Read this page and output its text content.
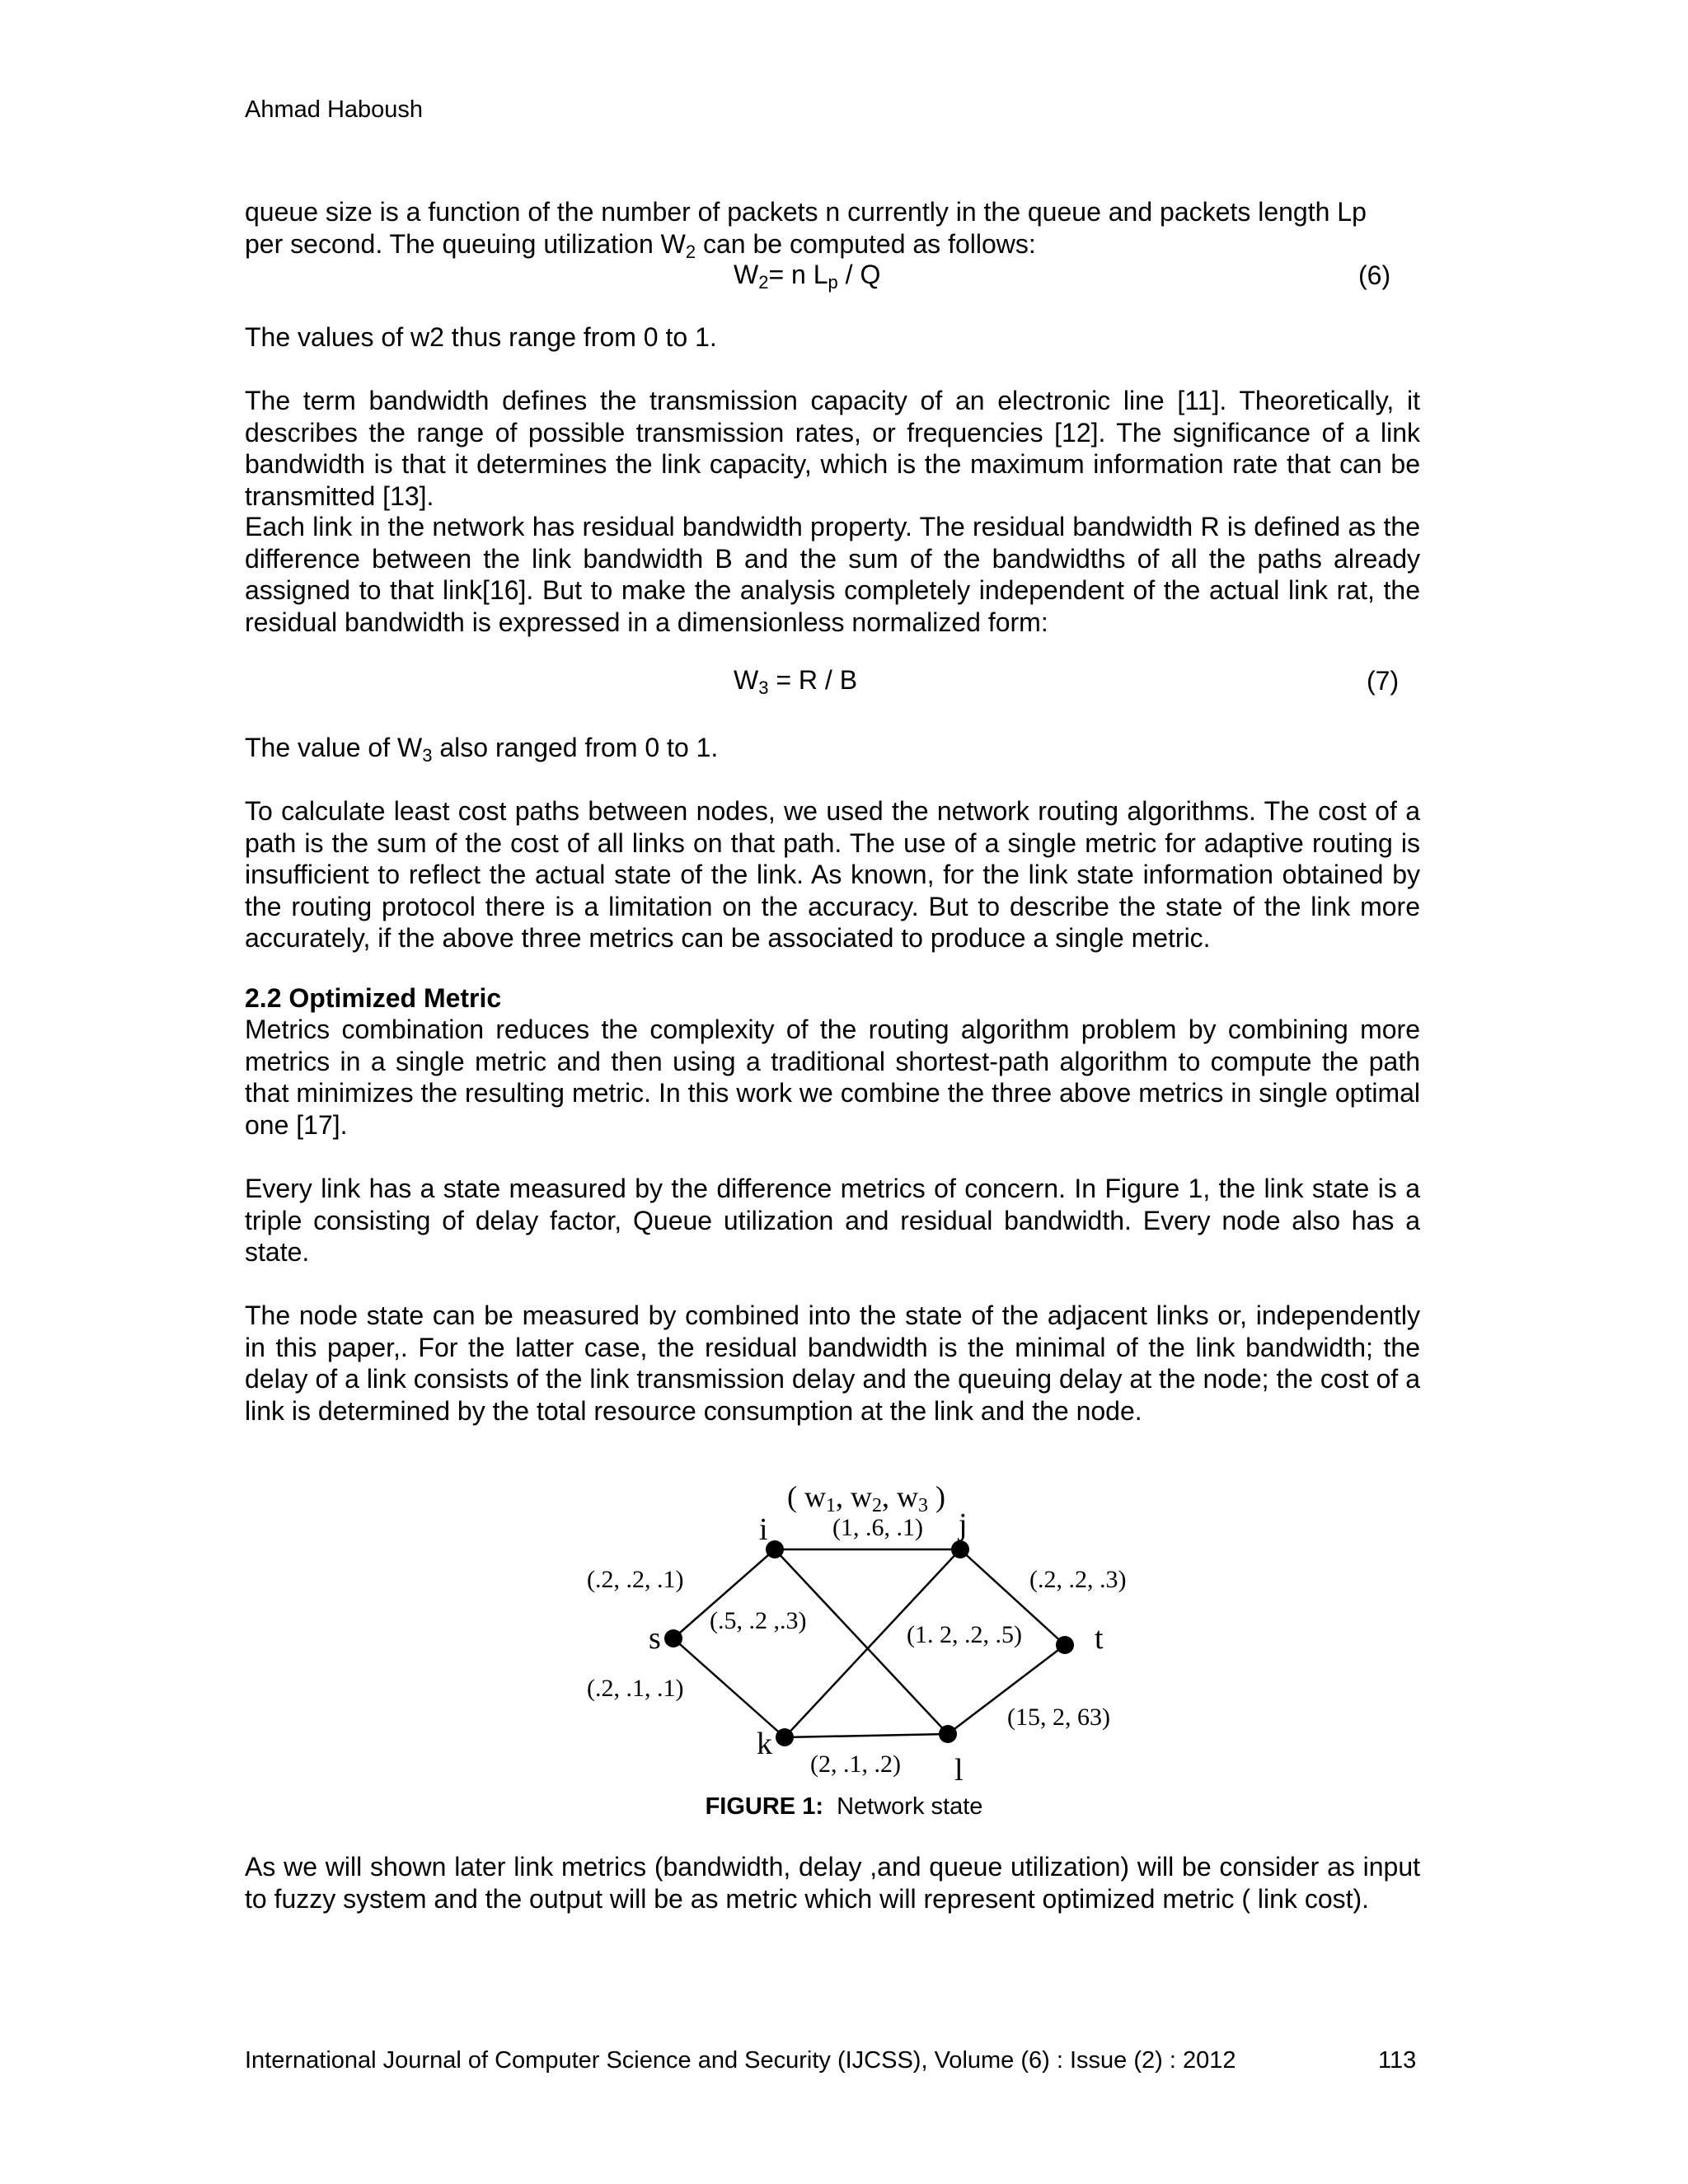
Ahmad Haboush
queue size is a function of the number of packets n currently in the queue and packets length Lp
per second. The queuing utilization $W_2$ can be computed as follows:
$W_2= n$ $L_p$ / Q	(6)
The values of w2 thus range from 0 to 1.
The term bandwidth defines the transmission capacity of an electronic line [11]. Theoretically, it describes the range of possible transmission rates, or frequencies [12]. The significance of a link bandwidth is that it determines the link capacity, which is the maximum information rate that can be transmitted [13].
Each link in the network has residual bandwidth property. The residual bandwidth R is defined as the difference between the link bandwidth B and the sum of the bandwidths of all the paths already assigned to that link[16]. But to make the analysis completely independent of the actual link rat, the residual bandwidth is expressed in a dimensionless normalized form:
$W_3 = R / B$	(7)
The value of $W_3$ also ranged from 0 to 1.
To calculate least cost paths between nodes, we used the network routing algorithms. The cost of a path is the sum of the cost of all links on that path. The use of a single metric for adaptive routing is insufficient to reflect the actual state of the link. As known, for the link state information obtained by the routing protocol there is a limitation on the accuracy. But to describe the state of the link more accurately, if the above three metrics can be associated to produce a single metric.
2.2 Optimized Metric
Metrics combination reduces the complexity of the routing algorithm problem by combining more metrics in a single metric and then using a traditional shortest-path algorithm to compute the path that minimizes the resulting metric. In this work we combine the three above metrics in single optimal one [17].
Every link has a state measured by the difference metrics of concern. In Figure 1, the link state is a triple consisting of delay factor, Queue utilization and residual bandwidth. Every node also has a state.
The node state can be measured by combined into the state of the adjacent links or, independently in this paper,. For the latter case, the residual bandwidth is the minimal of the link bandwidth; the delay of a link consists of the link transmission delay and the queuing delay at the node; the cost of a link is determined by the total resource consumption at the link and the node.
( w1, w2, w3 )
i	j
s	t
k
l
(1, .6, .1)
(.2, .2, .1)	(.2, .2, .3)
(.5, .2 ,.3)
(1. 2, .2, .5)
(.2, .1, .1)
(15, 2, 63)
(2, .1, .2)
FIGURE 1: Network state
As we will shown later link metrics (bandwidth, delay ,and queue utilization) will be consider as input to fuzzy system and the output will be as metric which will represent optimized metric ( link cost).
International Journal of Computer Science and Security (IJCSS), Volume (6) : Issue (2) : 2012	113
